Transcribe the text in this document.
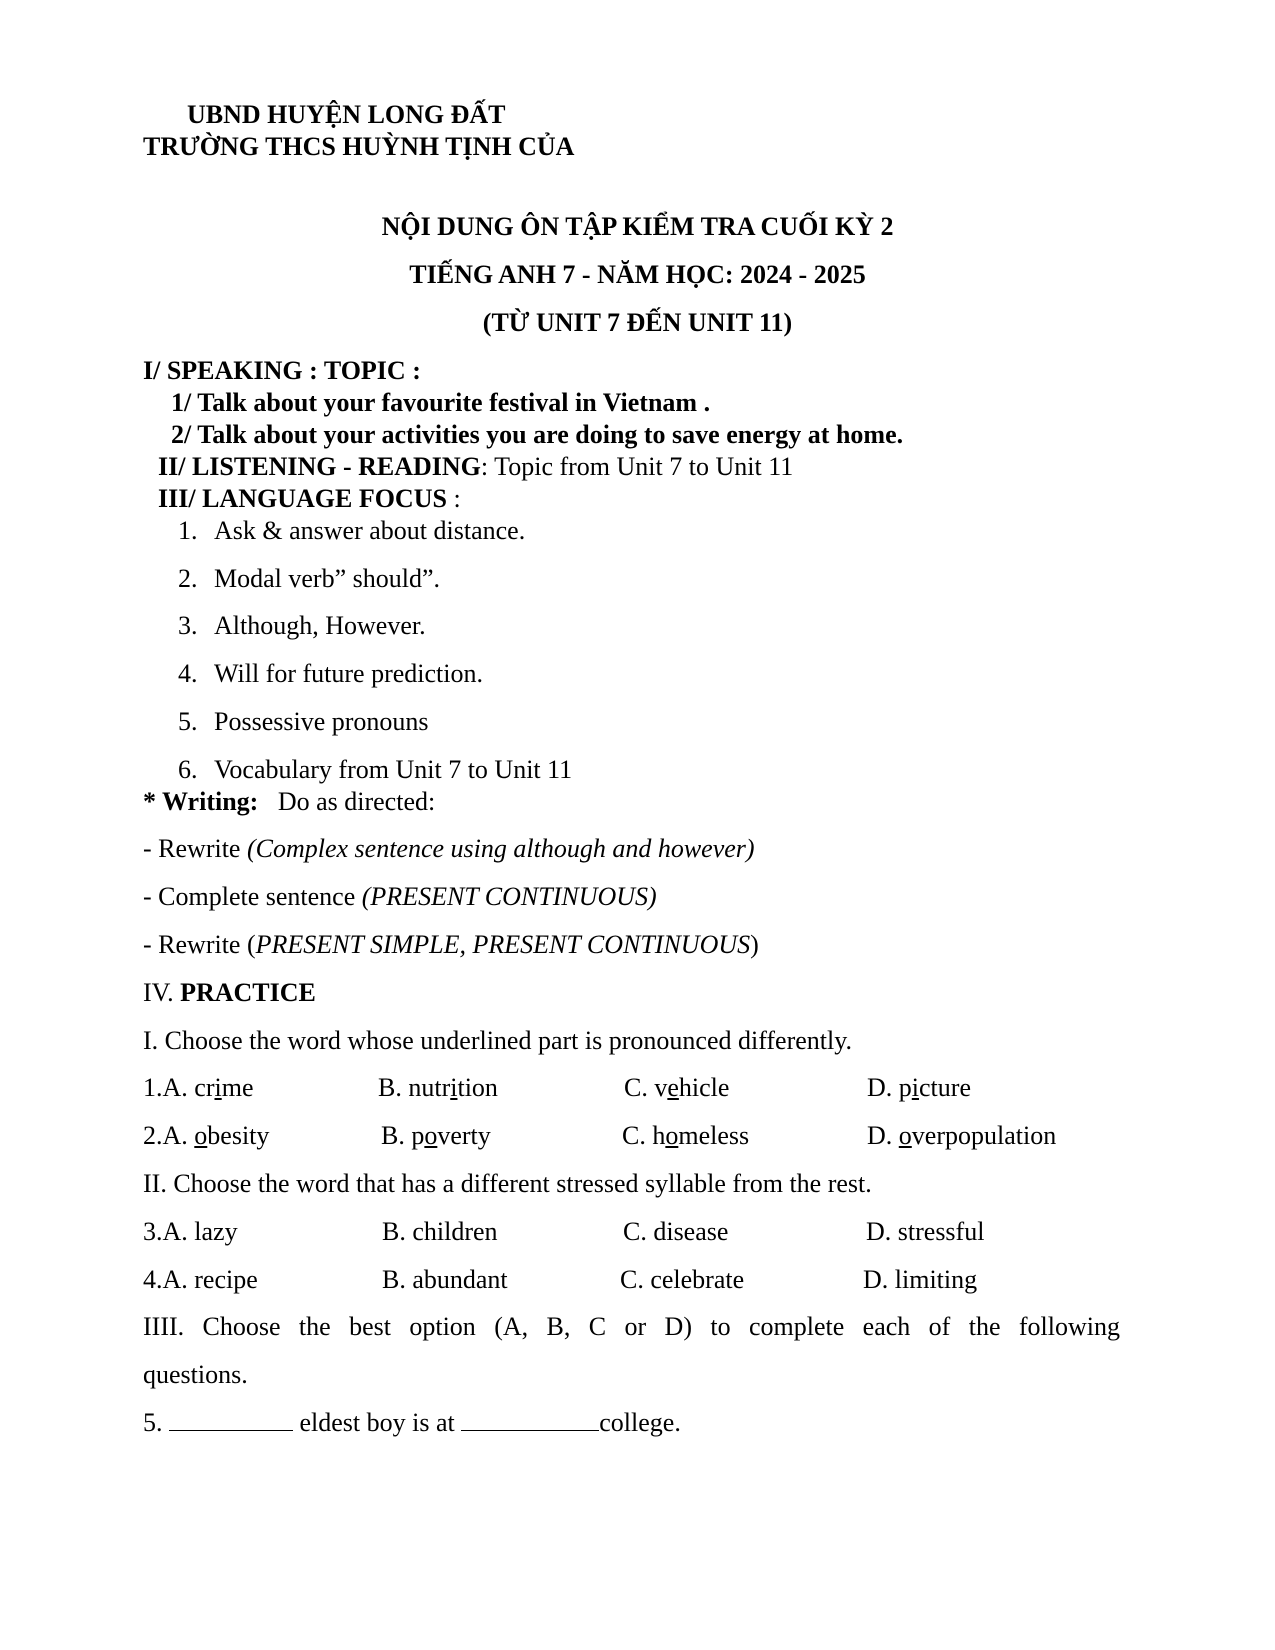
UBND HUYỆN LONG ĐẤT
TRƯỜNG THCS HUỲNH TỊNH CỦA
NỘI DUNG ÔN TẬP KIỂM TRA CUỐI KỲ 2
TIẾNG ANH 7 - NĂM HỌC: 2024 - 2025
(TỪ UNIT 7 ĐẾN UNIT 11)
I/ SPEAKING : TOPIC :
1/ Talk about your favourite festival in Vietnam .
2/ Talk about your activities you are doing to save energy at home.
II/ LISTENING - READING: Topic from Unit 7 to Unit 11
III/ LANGUAGE FOCUS :
1. Ask & answer about distance.
2. Modal verb” should”.
3. Although, However.
4. Will for future prediction.
5. Possessive pronouns
6. Vocabulary from Unit 7 to Unit 11
* Writing:   Do as directed:
- Rewrite (Complex sentence using although and however)
- Complete sentence (PRESENT CONTINUOUS)
- Rewrite (PRESENT SIMPLE, PRESENT CONTINUOUS)
IV. PRACTICE
I. Choose the word whose underlined part is pronounced differently.
1.A. crime	B. nutrition	C. vehicle	D. picture
2.A. obesity	B. poverty	C. homeless	D. overpopulation
II. Choose the word that has a different stressed syllable from the rest.
3.A. lazy	B. children	C. disease	D. stressful
4.A. recipe	B. abundant	C. celebrate	D. limiting
IIII. Choose the best option (A, B, C or D) to complete each of the following
questions.
5.	eldest boy is at	college.
